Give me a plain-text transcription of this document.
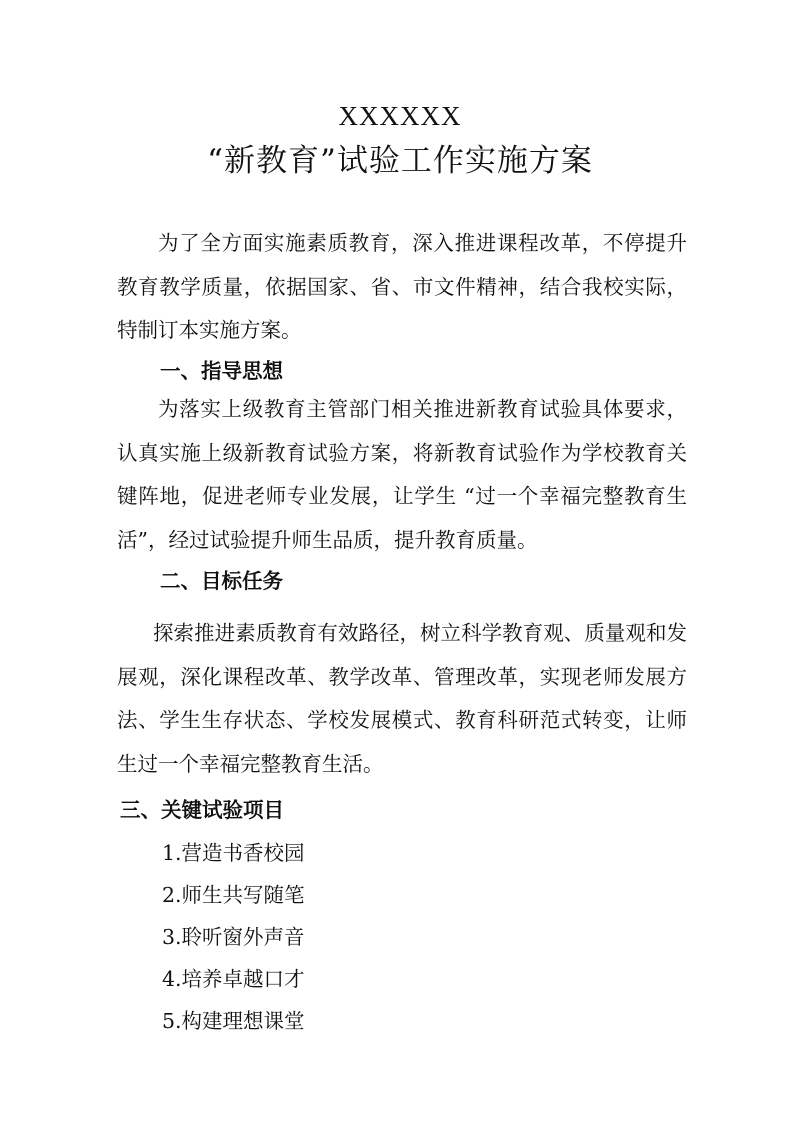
XXXXXX
“新教育”试验工作实施方案

为了全方面实施素质教育，深入推进课程改革，不停提升教育教学质量，依据国家、省、市文件精神，结合我校实际，特制订本实施方案。

一、指导思想

为落实上级教育主管部门相关推进新教育试验具体要求，认真实施上级新教育试验方案，将新教育试验作为学校教育关键阵地，促进老师专业发展，让学生 “过一个幸福完整教育生活”，经过试验提升师生品质，提升教育质量。

二、目标任务

探索推进素质教育有效路径，树立科学教育观、质量观和发展观，深化课程改革、教学改革、管理改革，实现老师发展方法、学生生存状态、学校发展模式、教育科研范式转变，让师生过一个幸福完整教育生活。

三、关键试验项目
1.营造书香校园
2.师生共写随笔
3.聆听窗外声音
4.培养卓越口才
5.构建理想课堂
